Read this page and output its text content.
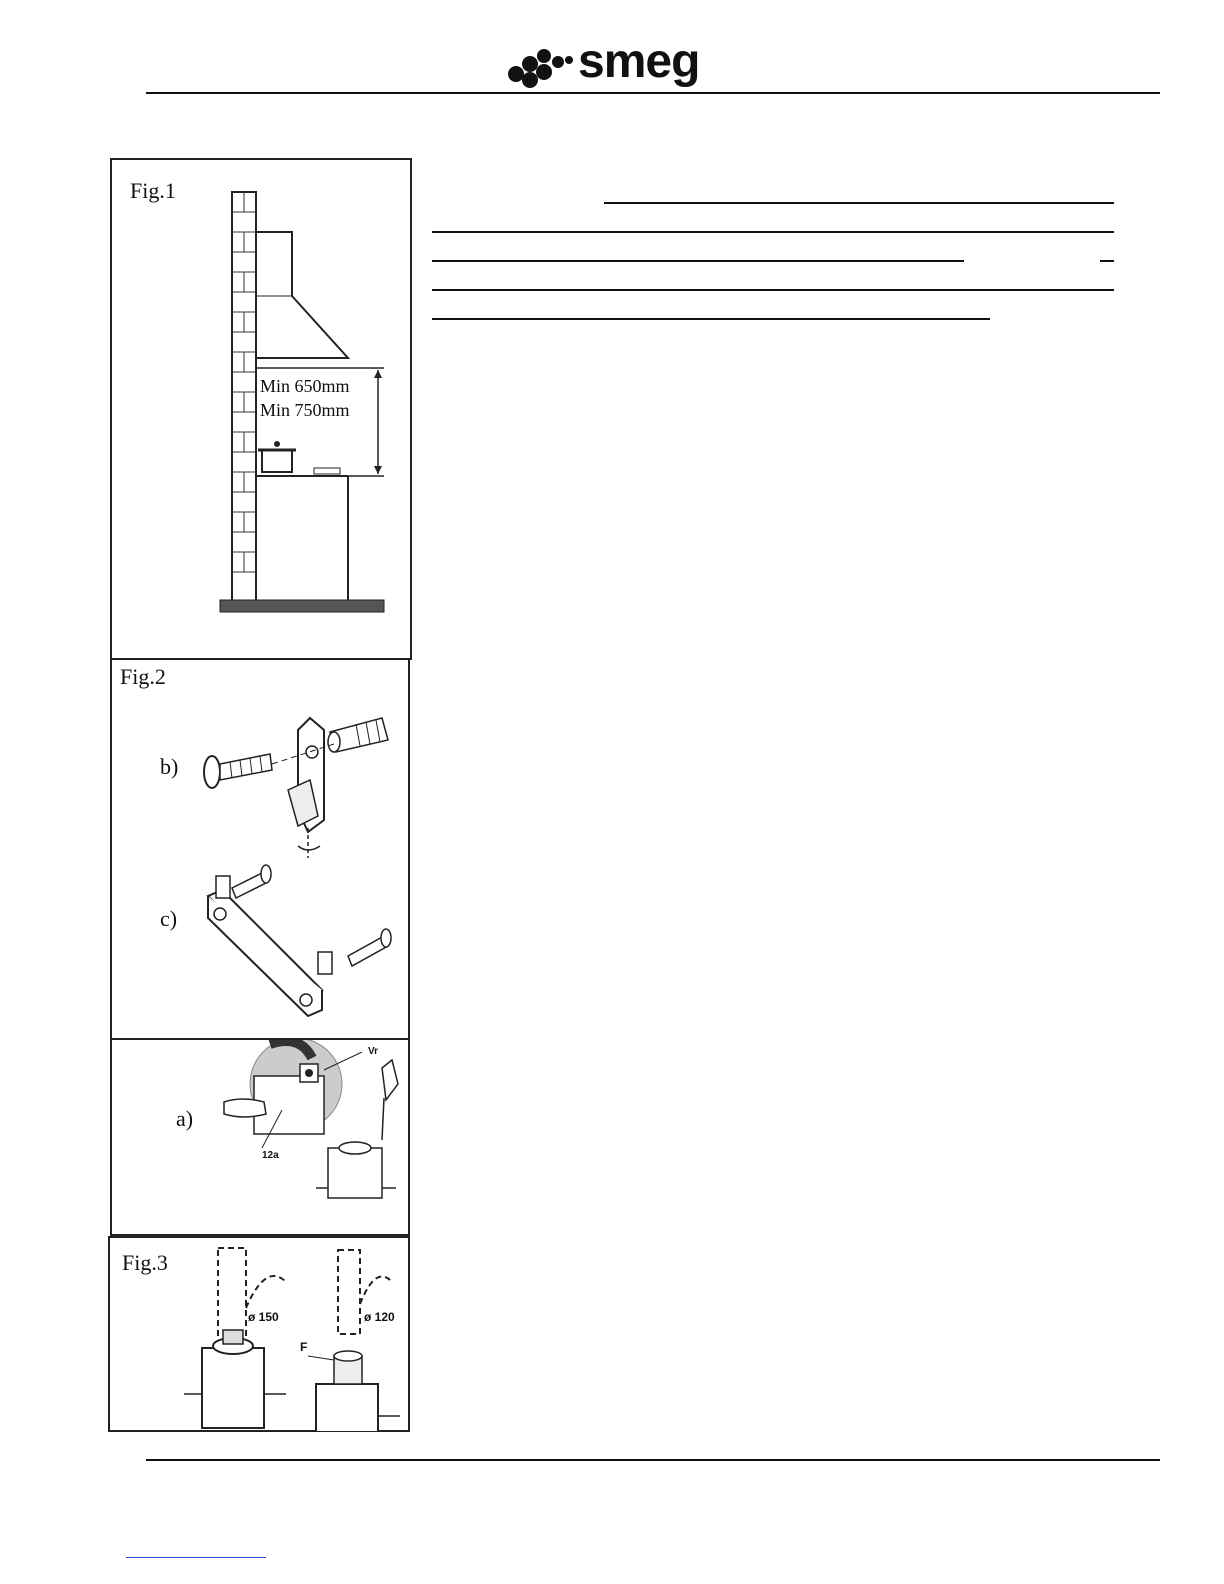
smeg
Fig.1
Min 650mm
Min 750mm
Fig.2
b)
c)
a)
Vr
12a
Fig.3
ø 150	ø 120
F
